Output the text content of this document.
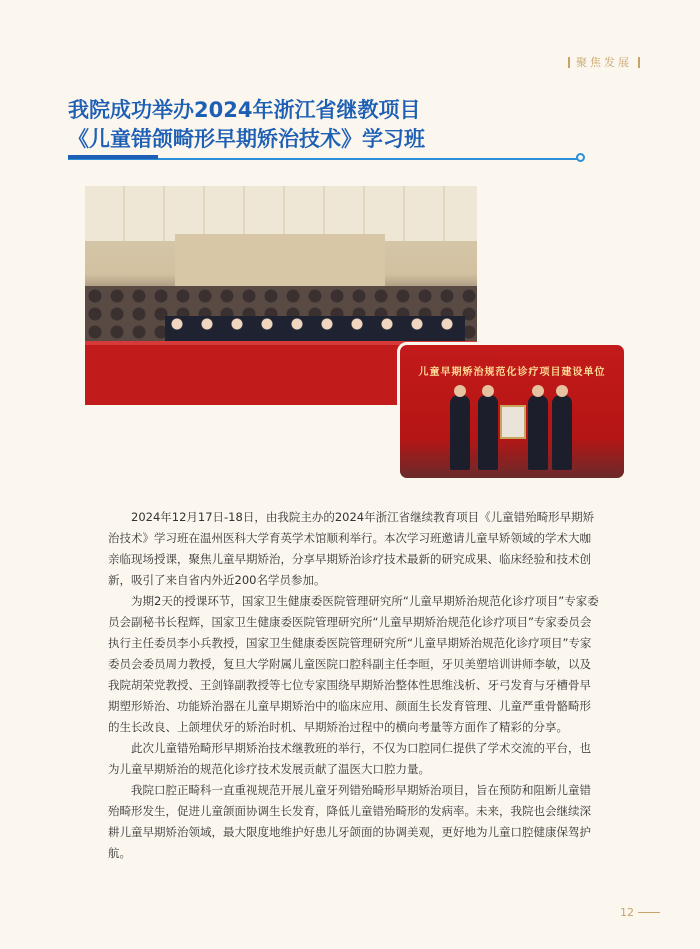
聚焦发展
我院成功举办2024年浙江省继教项目
《儿童错颌畸形早期矫治技术》学习班
儿童早期矫治规范化诊疗项目建设单位

2024年12月17日-18日，由我院主办的2024年浙江省继续教育项目《儿童错殆畸形早期矫治技术》学习班在温州医科大学育英学术馆顺利举行。本次学习班邀请儿童早矫领域的学术大咖亲临现场授课，聚焦儿童早期矫治，分享早期矫治诊疗技术最新的研究成果、临床经验和技术创新，吸引了来自省内外近200名学员参加。

为期2天的授课环节，国家卫生健康委医院管理研究所“儿童早期矫治规范化诊疗项目”专家委员会副秘书长程辉，国家卫生健康委医院管理研究所“儿童早期矫治规范化诊疗项目”专家委员会执行主任委员李小兵教授，国家卫生健康委医院管理研究所“儿童早期矫治规范化诊疗项目”专家委员会委员周力教授，复旦大学附属儿童医院口腔科副主任李晅，牙贝美塑培训讲师李敏，以及我院胡荣党教授、王剑锋副教授等七位专家围绕早期矫治整体性思维浅析、牙弓发育与牙槽骨早期塑形矫治、功能矫治器在儿童早期矫治中的临床应用、颜面生长发育管理、儿童严重骨骼畸形的生长改良、上颌埋伏牙的矫治时机、早期矫治过程中的横向考量等方面作了精彩的分享。

此次儿童错殆畸形早期矫治技术继教班的举行，不仅为口腔同仁提供了学术交流的平台，也为儿童早期矫治的规范化诊疗技术发展贡献了温医大口腔力量。

我院口腔正畸科一直重视规范开展儿童牙列错殆畸形早期矫治项目，旨在预防和阻断儿童错殆畸形发生，促进儿童颌面协调生长发育，降低儿童错殆畸形的发病率。未来，我院也会继续深耕儿童早期矫治领域，最大限度地维护好患儿牙颌面的协调美观，更好地为儿童口腔健康保驾护航。

12
